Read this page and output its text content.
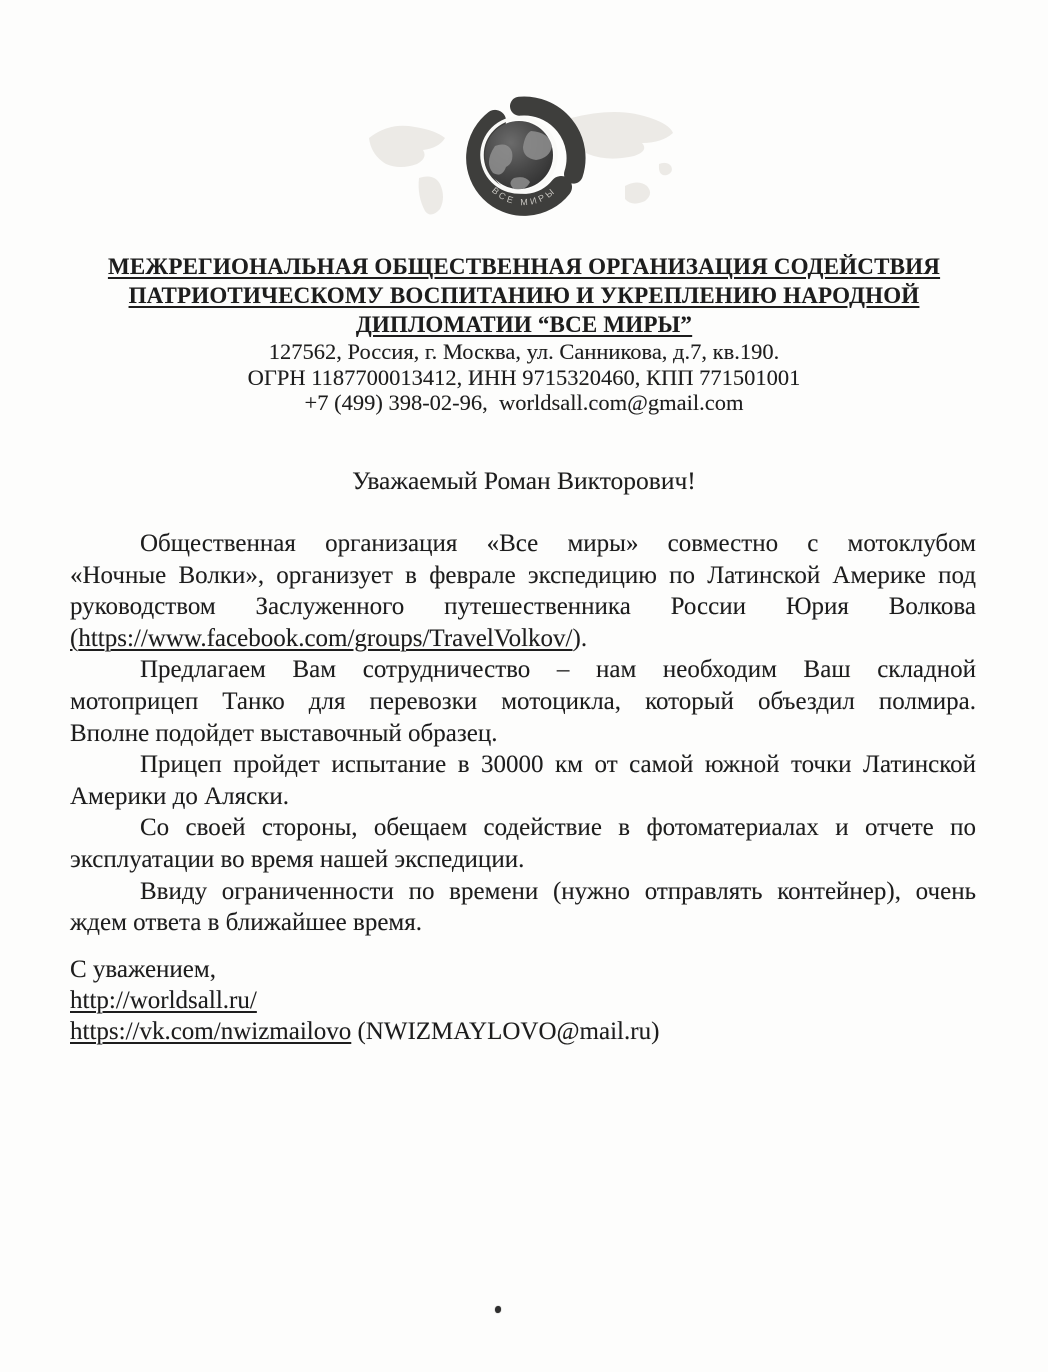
ВСЕ МИРЫ
МЕЖРЕГИОНАЛЬНАЯ ОБЩЕСТВЕННАЯ ОРГАНИЗАЦИЯ СОДЕЙСТВИЯ
ПАТРИОТИЧЕСКОМУ ВОСПИТАНИЮ И УКРЕПЛЕНИЮ НАРОДНОЙ
ДИПЛОМАТИИ “ВСЕ МИРЫ”
127562, Россия, г. Москва, ул. Санникова, д.7, кв.190.
ОГРН 1187700013412, ИНН 9715320460, КПП 771501001
+7 (499) 398-02-96,  worldsall.com@gmail.com
Уважаемый Роман Викторович!
Общественная организация «Все миры» совместно с мотоклубом
«Ночные Волки», организует в феврале экспедицию по Латинской Америке под
руководством Заслуженного путешественника России Юрия Волкова
(https://www.facebook.com/groups/TravelVolkov/).
Предлагаем Вам сотрудничество – нам необходим Ваш складной
мотоприцеп Танко для перевозки мотоцикла, который объездил полмира.
Вполне подойдет выставочный образец.
Прицеп пройдет испытание в 30000 км от самой южной точки Латинской
Америки до Аляски.
Со своей стороны, обещаем содействие в фотоматериалах и отчете по
эксплуатации во время нашей экспедиции.
Ввиду ограниченности по времени (нужно отправлять контейнер), очень
ждем ответа в ближайшее время.
С уважением,
http://worldsall.ru/
https://vk.com/nwizmailovo (NWIZMAYLOVO@mail.ru)
